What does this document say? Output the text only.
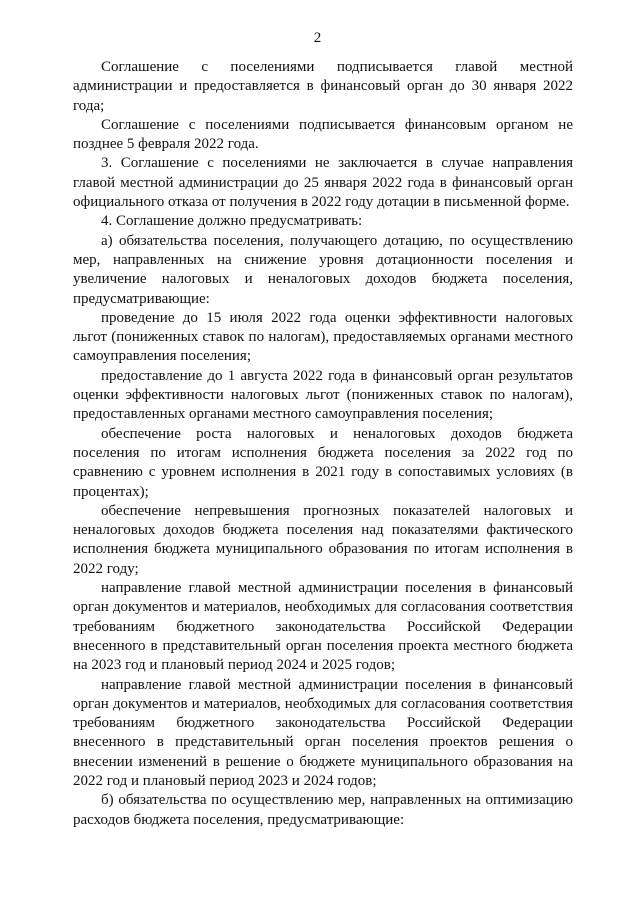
2

Соглашение с поселениями подписывается главой местной администрации и предоставляется в финансовый орган до 30 января 2022 года;

Соглашение с поселениями подписывается финансовым органом не позднее 5 февраля 2022 года.

3. Соглашение с поселениями не заключается в случае направления главой местной администрации до 25 января 2022 года в финансовый орган официального отказа от получения в 2022 году дотации в письменной форме.

4. Соглашение должно предусматривать:

а) обязательства поселения, получающего дотацию, по осуществлению мер, направленных на снижение уровня дотационности поселения и увеличение налоговых и неналоговых доходов бюджета поселения, предусматривающие:

проведение до 15 июля 2022 года оценки эффективности налоговых льгот (пониженных ставок по налогам), предоставляемых органами местного самоуправления поселения;

предоставление до 1 августа 2022 года в финансовый орган результатов оценки эффективности налоговых льгот (пониженных ставок по налогам), предоставленных органами местного самоуправления поселения;

обеспечение роста налоговых и неналоговых доходов бюджета поселения по итогам исполнения бюджета поселения за 2022 год по сравнению с уровнем исполнения в 2021 году в сопоставимых условиях (в процентах);

обеспечение непревышения прогнозных показателей налоговых и неналоговых доходов бюджета поселения над показателями фактического исполнения бюджета муниципального образования по итогам исполнения в 2022 году;

направление главой местной администрации поселения в финансовый орган документов и материалов, необходимых для согласования соответствия требованиям бюджетного законодательства Российской Федерации внесенного в представительный орган поселения проекта местного бюджета на 2023 год и плановый период 2024 и 2025 годов;

направление главой местной администрации поселения в финансовый орган документов и материалов, необходимых для согласования соответствия требованиям бюджетного законодательства Российской Федерации внесенного в представительный орган поселения проектов решения о внесении изменений в решение о бюджете муниципального образования на 2022 год и плановый период 2023 и 2024 годов;

б) обязательства по осуществлению мер, направленных на оптимизацию расходов бюджета поселения, предусматривающие:
